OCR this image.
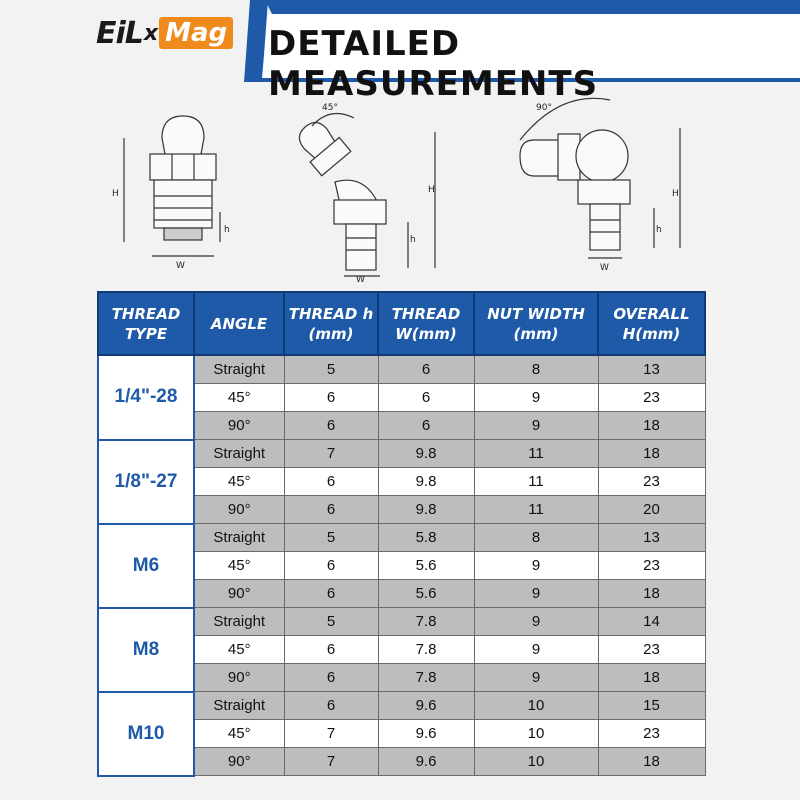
EiL x Mag DETAILED MEASUREMENTS
H
h
W
45°
H
h
W
90°
H
h
W
THREAD TYPE	ANGLE	THREAD h (mm)	THREAD W(mm)	NUT WIDTH (mm)	OVERALL H(mm)
1/4"-28	Straight	5	6	8	13
	45°	6	6	9	23
	90°	6	6	9	18
1/8"-27	Straight	7	9.8	11	18
	45°	6	9.8	11	23
	90°	6	9.8	11	20
M6	Straight	5	5.8	8	13
	45°	6	5.6	9	23
	90°	6	5.6	9	18
M8	Straight	5	7.8	9	14
	45°	6	7.8	9	23
	90°	6	7.8	9	18
M10	Straight	6	9.6	10	15
	45°	7	9.6	10	23
	90°	7	9.6	10	18
